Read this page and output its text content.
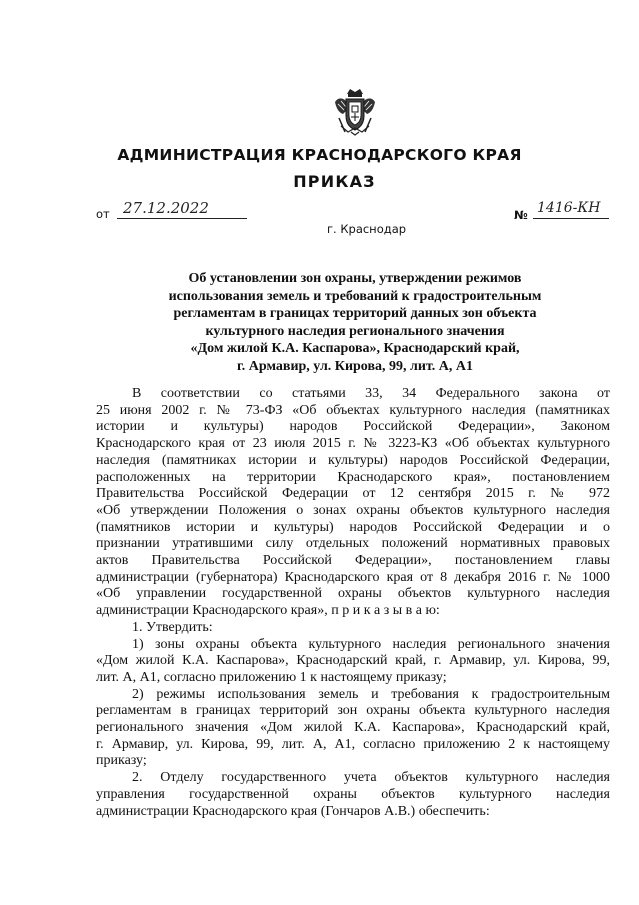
АДМИНИСТРАЦИЯ КРАСНОДАРСКОГО КРАЯ
ПРИКАЗ
от 27.12.2022
г. Краснодар
№ 1416-КН
Об установлении зон охраны, утверждении режимов
использования земель и требований к градостроительным
регламентам в границах территорий данных зон объекта
культурного наследия регионального значения
«Дом жилой К.А. Каспарова», Краснодарский край,
г. Армавир, ул. Кирова, 99, лит. А, А1

В соответствии со статьями 33, 34 Федерального закона от

25 июня 2002 г. № 73-ФЗ «Об объектах культурного наследия (памятниках

истории и культуры) народов Российской Федерации», Законом

Краснодарского края от 23 июля 2015 г. № 3223-КЗ «Об объектах культурного

наследия (памятниках истории и культуры) народов Российской Федерации,

расположенных на территории Краснодарского края», постановлением

Правительства Российской Федерации от 12 сентября 2015 г. № 972

«Об утверждении Положения о зонах охраны объектов культурного наследия

(памятников истории и культуры) народов Российской Федерации и о

признании утратившими силу отдельных положений нормативных правовых

актов Правительства Российской Федерации», постановлением главы

администрации (губернатора) Краснодарского края от 8 декабря 2016 г. № 1000

«Об управлении государственной охраны объектов культурного наследия

администрации Краснодарского края», п р и к а з ы в а ю:

1. Утвердить:

1) зоны охраны объекта культурного наследия регионального значения

«Дом жилой К.А. Каспарова», Краснодарский край, г. Армавир, ул. Кирова, 99,

лит. А, А1, согласно приложению 1 к настоящему приказу;

2) режимы использования земель и требования к градостроительным

регламентам в границах территорий зон охраны объекта культурного наследия

регионального значения «Дом жилой К.А. Каспарова», Краснодарский край,

г. Армавир, ул. Кирова, 99, лит. А, А1, согласно приложению 2 к настоящему

приказу;

2. Отделу государственного учета объектов культурного наследия

управления государственной охраны объектов культурного наследия

администрации Краснодарского края (Гончаров А.В.) обеспечить:
